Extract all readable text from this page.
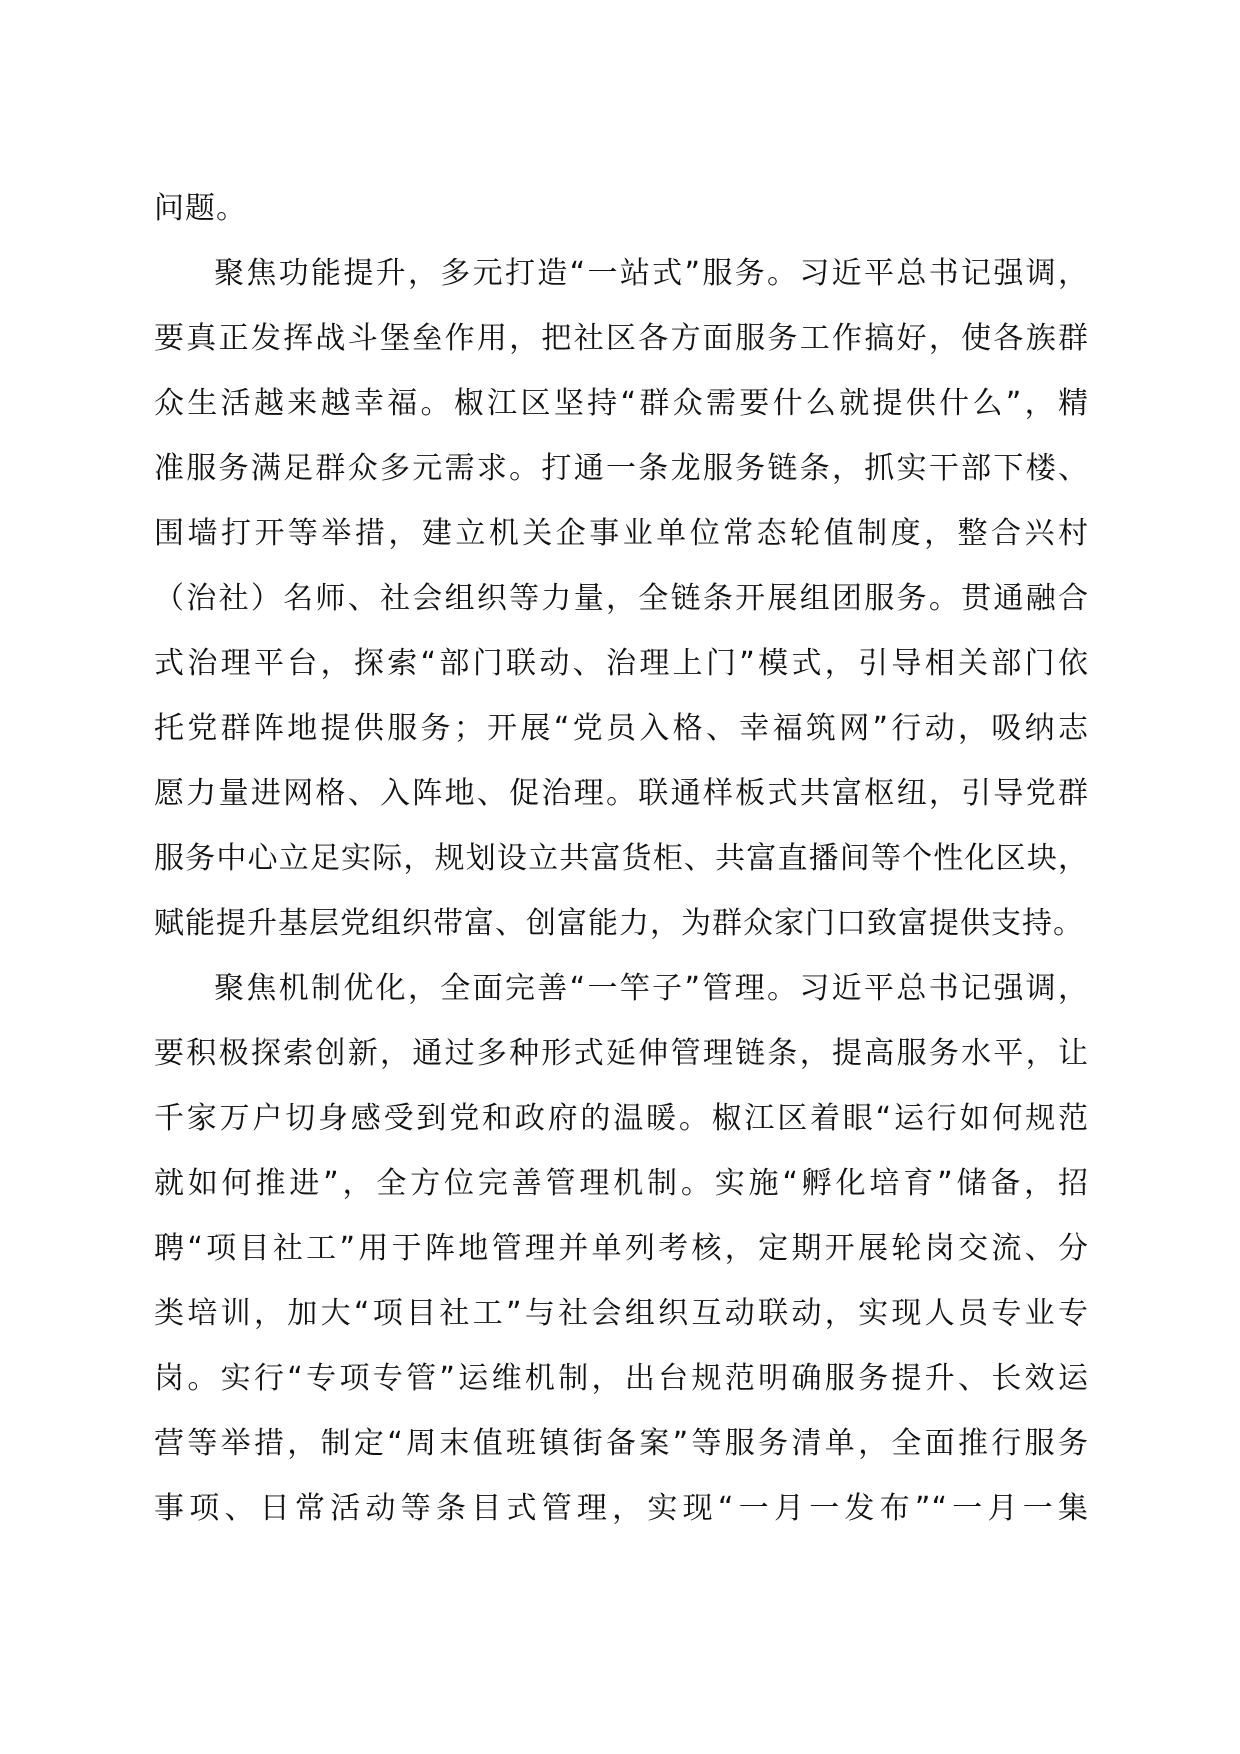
问题。
聚焦功能提升，多元打造“一站式”服务。习近平总书记强调，
要真正发挥战斗堡垒作用，把社区各方面服务工作搞好，使各族群
众生活越来越幸福。椒江区坚持“群众需要什么就提供什么”，精
准服务满足群众多元需求。打通一条龙服务链条，抓实干部下楼、
围墙打开等举措，建立机关企事业单位常态轮值制度，整合兴村
（治社）名师、社会组织等力量，全链条开展组团服务。贯通融合
式治理平台，探索“部门联动、治理上门”模式，引导相关部门依
托党群阵地提供服务；开展“党员入格、幸福筑网”行动，吸纳志
愿力量进网格、入阵地、促治理。联通样板式共富枢纽，引导党群
服务中心立足实际，规划设立共富货柜、共富直播间等个性化区块，
赋能提升基层党组织带富、创富能力，为群众家门口致富提供支持。
聚焦机制优化，全面完善“一竿子”管理。习近平总书记强调，
要积极探索创新，通过多种形式延伸管理链条，提高服务水平，让
千家万户切身感受到党和政府的温暖。椒江区着眼“运行如何规范
就如何推进”，全方位完善管理机制。实施“孵化培育”储备，招
聘“项目社工”用于阵地管理并单列考核，定期开展轮岗交流、分
类培训，加大“项目社工”与社会组织互动联动，实现人员专业专
岗。实行“专项专管”运维机制，出台规范明确服务提升、长效运
营等举措，制定“周末值班镇街备案”等服务清单，全面推行服务
事项、日常活动等条目式管理，实现“一月一发布”“一月一集
